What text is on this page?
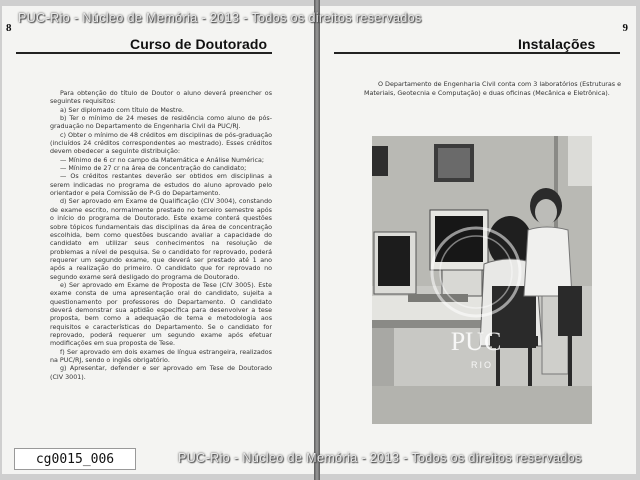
8
Curso de Doutorado

Para obtenção do título de Doutor o aluno deverá preencher os seguintes requisitos:

a) Ser diplomado com título de Mestre.

b) Ter o mínimo de 24 meses de residência como aluno de pós-graduação no Departamento de Engenharia Civil da PUC/RJ.

c) Obter o mínimo de 48 créditos em disciplinas de pós-graduação (incluídos 24 créditos correspondentes ao mestrado). Esses créditos devem obedecer a seguinte distribuição:

— Mínimo de 6 cr no campo da Matemática e Análise Numérica;

— Mínimo de 27 cr na área de concentração do candidato;

— Os créditos restantes deverão ser obtidos em disciplinas a serem indicadas no programa de estudos do aluno aprovado pelo orientador e pela Comissão de P-G do Departamento.

d) Ser aprovado em Exame de Qualificação (CIV 3004), constando de exame escrito, normalmente prestado no terceiro semestre após o início do programa de Doutorado. Este exame conterá questões sobre tópicos fundamentais das disciplinas da área de concentração escolhida, bem como questões buscando avaliar a capacidade do candidato em utilizar seus conhecimentos na resolução de problemas a nível de pesquisa. Se o candidato for reprovado, poderá requerer um segundo exame, que deverá ser prestado até 1 ano após a realização do primeiro. O candidato que for reprovado no segundo exame será desligado do programa de Doutorado.

e) Ser aprovado em Exame de Proposta de Tese (CIV 3005). Este exame consta de uma apresentação oral do candidato, sujeita a questionamento por professores do Departamento. O candidato deverá demonstrar sua aptidão específica para desenvolver a tese proposta, bem como a adequação de tema e metodologia aos requisitos e características do Departamento. Se o candidato for reprovado, poderá requerer um segundo exame após efetuar modificações em sua proposta de Tese.

f) Ser aprovado em dois exames de língua estrangeira, realizados na PUC/RJ, sendo o inglês obrigatório.

g) Apresentar, defender e ser aprovado em Tese de Doutorado (CIV 3001).

9
Instalações

O Departamento de Engenharia Civil conta com 3 laboratórios (Estruturas e Materiais, Geotecnia e Computação) e duas oficinas (Mecânica e Eletrônica).

PUC
RIO
PUC-Rio - Núcleo de Memória - 2013 - Todos os direitos reservados
PUC-Rio - Núcleo de Memória - 2013 - Todos os direitos reservados
cg0015_006
